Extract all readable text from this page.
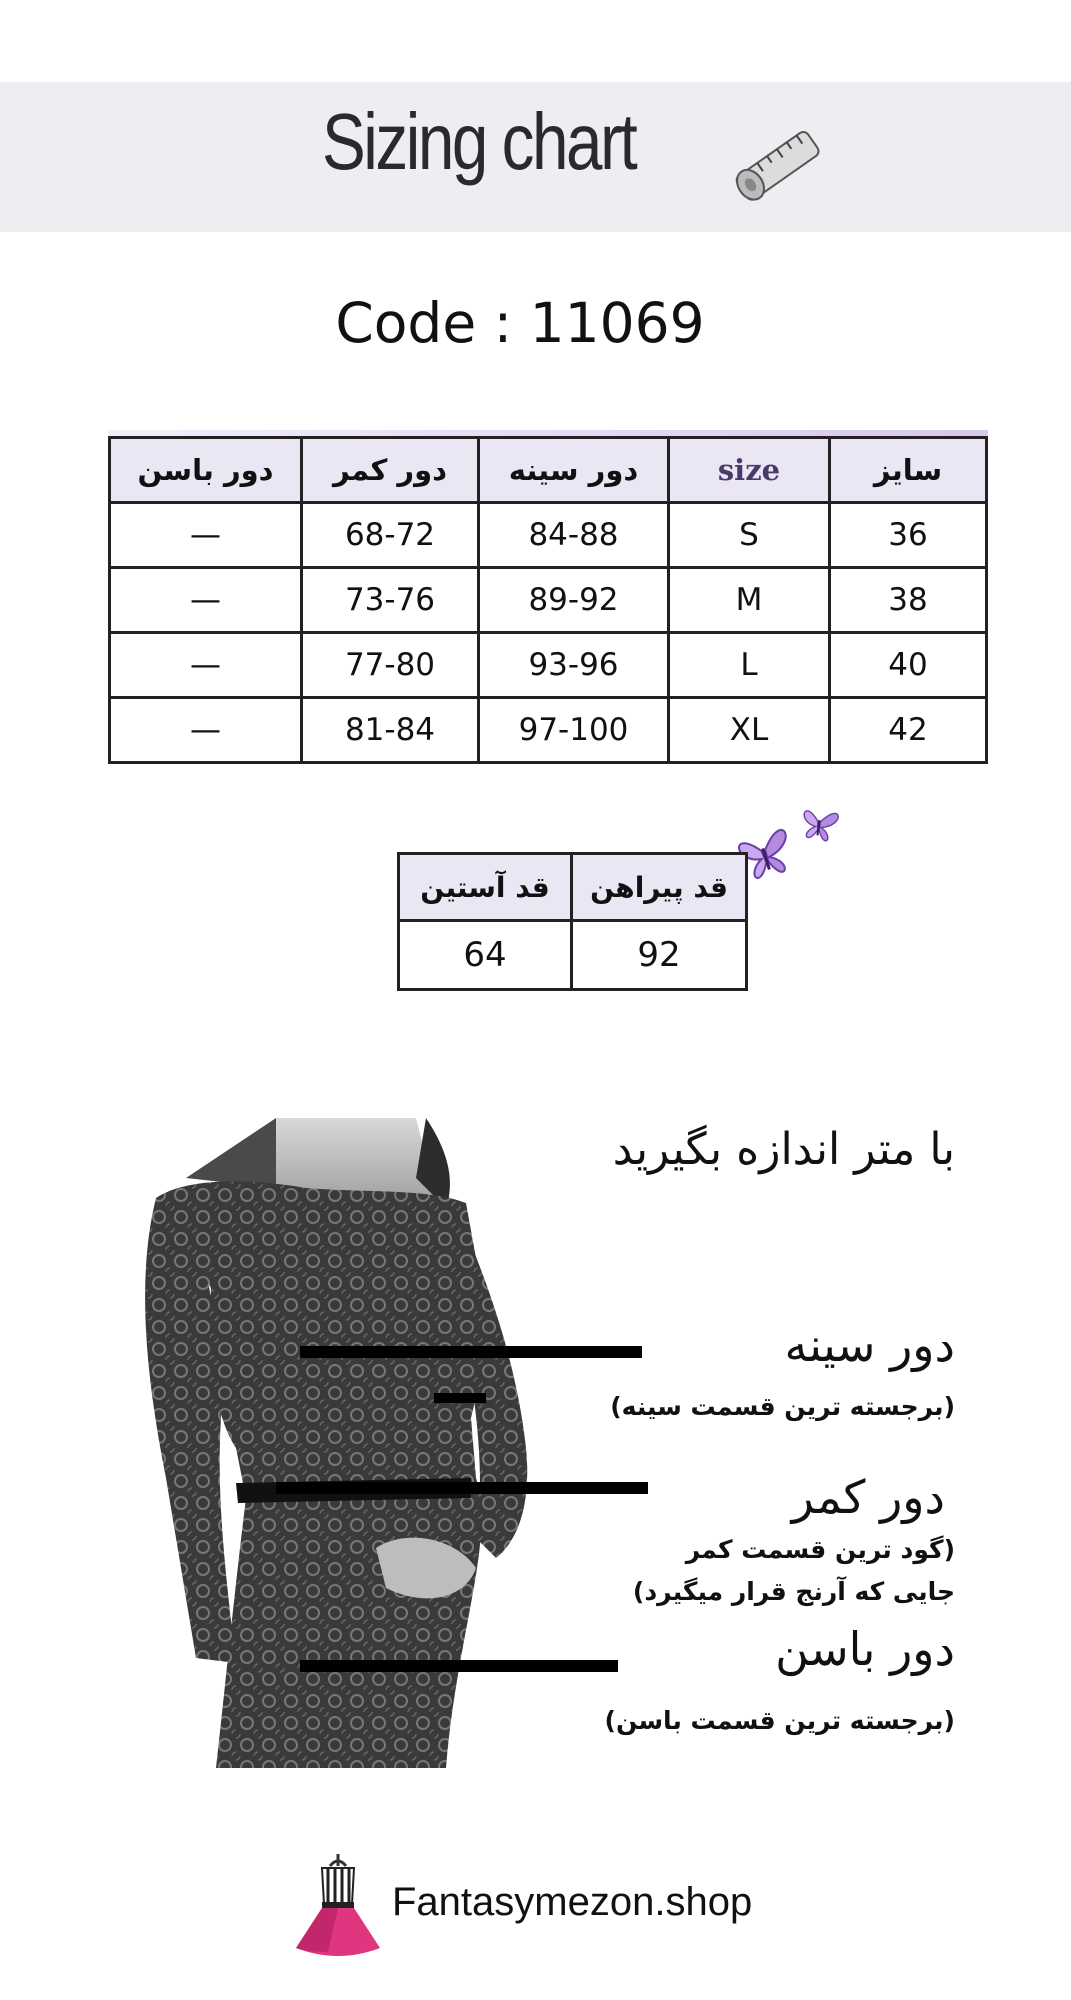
Sizing chart
Code : 11069
سایز	size	دور سینه	دور کمر	دور باسن
36	S	84-88	68-72	—
38	M	89-92	73-76	—
40	L	93-96	77-80	—
42	XL	97-100	81-84	—
قد پیراهن	قد آستین
92	64
با متر اندازه بگیرید
دور سینه
(برجسته ترین قسمت سینه)
دور کمر
(گود ترین قسمت کمر
جایی که آرنج قرار میگیرد)
دور باسن
(برجسته ترین قسمت باسن)
Fantasymezon.shop
